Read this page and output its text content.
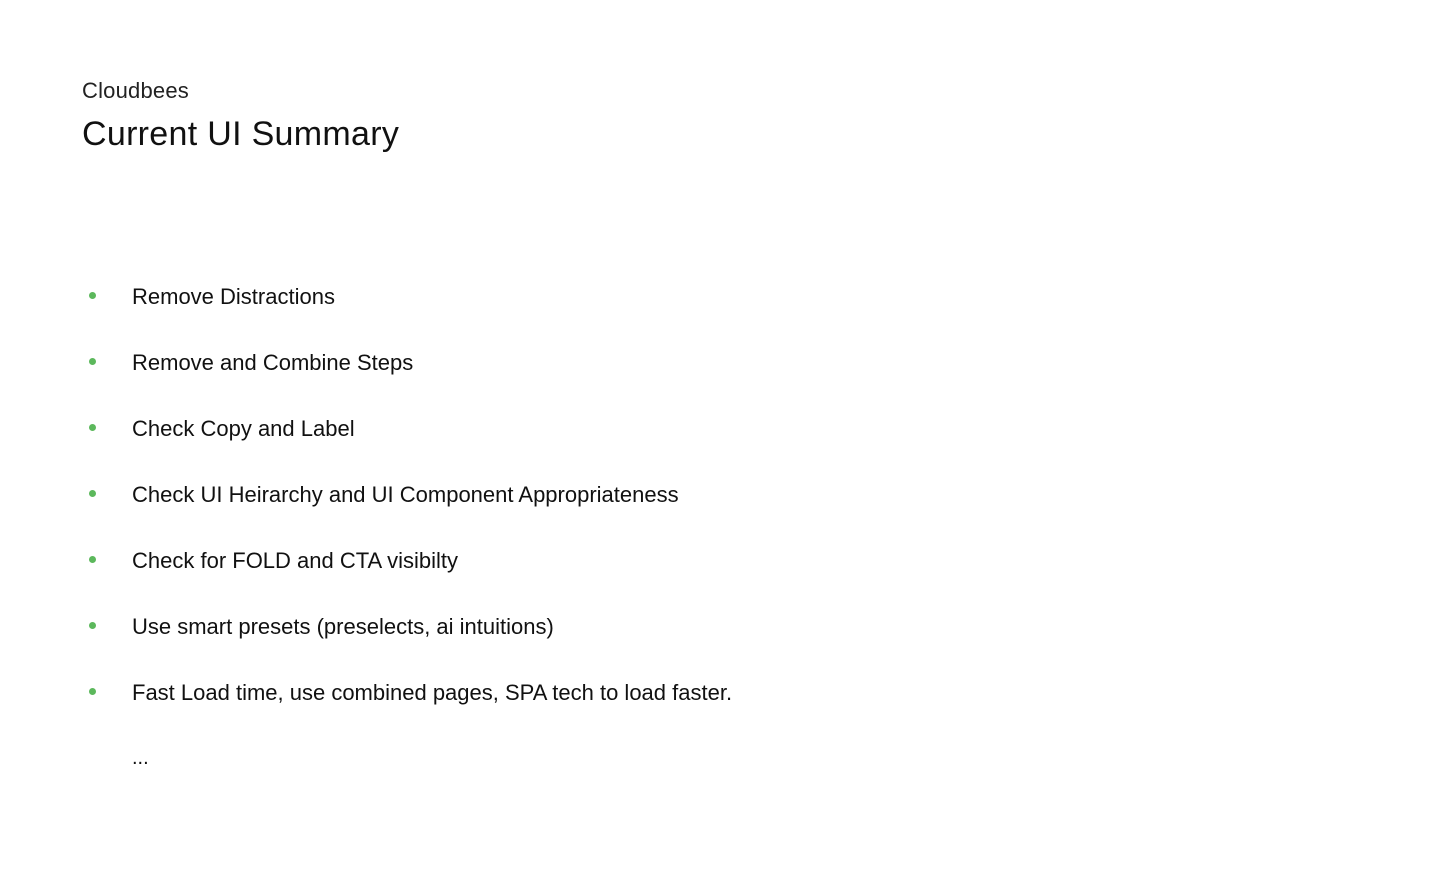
Cloudbees
Current UI Summary
Remove Distractions
Remove and Combine Steps
Check Copy and Label
Check UI Heirarchy and UI Component Appropriateness
Check for FOLD and CTA visibilty
Use smart presets (preselects, ai intuitions)
Fast Load time, use combined pages, SPA tech to load faster.
...
